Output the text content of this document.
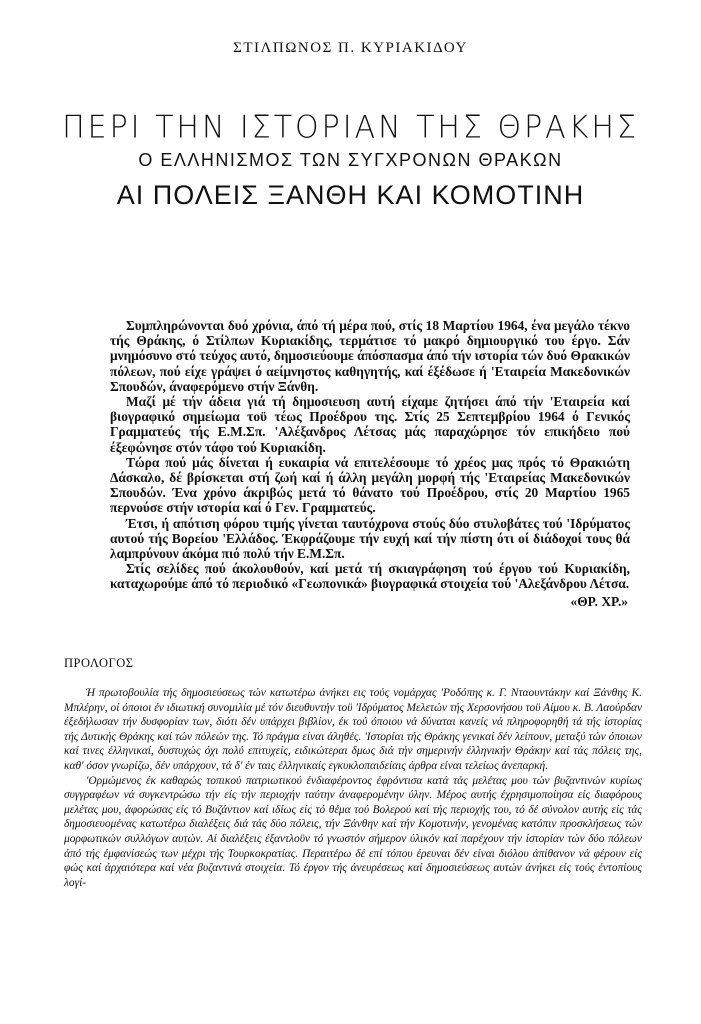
ΣΤΙΛΠΩΝΟΣ Π. ΚΥΡΙΑΚΙΔΟΥ
ΠΕΡΙ ΤΗΝ ΙΣΤΟΡΙΑΝ ΤΗΣ ΘΡΑΚΗΣ
Ο ΕΛΛΗΝΙΣΜΟΣ ΤΩΝ ΣΥΓΧΡΟΝΩΝ ΘΡΑΚΩΝ
ΑΙ ΠΟΛΕΙΣ ΞΑΝΘΗ ΚΑΙ ΚΟΜΟΤΙΝΗ

Συμπληρώνονται δυό χρόνια, άπό τή μέρα πού, στίς 18 Μαρτίου 1964, ένα μεγάλο τέκνο τής Θράκης, ό Στίλπων Κυριακίδης, τερμάτισε τό μακρό δημιουργικό του έργο. Σάν μνημόσυνο στό τεύχος αυτό, δημοσιεύουμε άπόσπασμα άπό τήν ιστορία τών δυό Θρακικών πόλεων, πού είχε γράψει ό αείμνηστος καθηγητής, καί έξέδωσε ή 'Εταιρεία Μακεδονικών Σπουδών, άναφερόμενο στήν Ξάνθη.

Μαζί μέ τήν άδεια γιά τή δημοσιευση αυτή είχαμε ζητήσει άπό τήν 'Εταιρεία καί βιογραφικό σημείωμα τοϋ τέως Προέδρου της. Στίς 25 Σεπτεμβρίου 1964 ό Γενικός Γραμματεύς τής Ε.Μ.Σπ. 'Αλέξανδρος Λέτσας μάς παραχώρησε τόν επικήδειο πού έξεφώνησε στόν τάφο τού Κυριακίδη.

Τώρα πού μάς δίνεται ή ευκαιρία νά επιτελέσουμε τό χρέος μας πρός τό Θρακιώτη Δάσκαλο, δέ βρίσκεται στή ζωή καί ή άλλη μεγάλη μορφή τής 'Εταιρείας Μακεδονικών Σπουδών. Ένα χρόνο άκριβώς μετά τό θάνατο τού Προέδρου, στίς 20 Μαρτίου 1965 περνούσε στήν ιστορία καί ό Γεν. Γραμματεύς.

Έτσι, ή απότιση φόρου τιμής γίνεται ταυτόχρονα στούς δύο στυλοβάτες τού 'Ιδρύματος αυτού τής Βορείου 'Ελλάδος. Έκφράζουμε τήν ευχή καί τήν πίστη ότι οί διάδοχοί τους θά λαμπρύνουν άκόμα πιό πολύ τήν Ε.Μ.Σπ.

Στίς σελίδες πού άκολουθούν, καί μετά τή σκιαγράφηση τού έργου τού Κυριακίδη, καταχωρούμε άπό τό περιοδικό «Γεωπονικά» βιογραφικά στοιχεία τού 'Αλεξάνδρου Λέτσα.

«ΘΡ. ΧΡ.»
ΠΡΟΛΟΓΟΣ

Ή πρωτοβουλία τής δημοσιεύσεως τών κατωτέρω άνήκει εις τούς νομάρχας 'Ροδόπης κ. Γ. Νταουντάκην καί Ξάνθης Κ. Μπλέρην, οί όποιοι έν ιδιωτική συνομιλία μέ τόν διευθυντήν τοϋ 'Ιδρύματος Μελετών τής Χερσονήσου τοϋ Αίμου κ. Β. Λαούρδαν έξεδήλωσαν τήν δυσφορίαν των, διότι δέν υπάρχει βιβλίον, έκ τού όποιου νά δύναται κανείς νά πληροφορηθή τά τής ίστορίας τής Δυτικής Θράκης καί τών πόλεών της. Τό πράγμα είναι άληθές. 'Ιστορίαι τής Θράκης γενικαί δέν λείπουν, μεταξύ τών όποιων καί τινες έλληνικαί, δυστυχώς όχι πολύ επιτυχείς, ειδικώτεραι δμως διά τήν σημερινήν έλληνικήν Θράκην καί τάς πόλεις της, καθ' όσον γνωρίζω, δέν υπάρχουν, τά δ' έν ταις έλληνικαίς εγκυκλοπαιδείαις άρθρα είναι τελείως άνεπαρκή.

'Ορμώμενος έκ καθαρώς τοπικού πατριωτικού ένδιαφέροντος έφρόντισα κατά τάς μελέτας μου τών βυζαντινών κυρίως συγγραφέων νά συγκεντρώσω τήν είς τήν περιοχήν ταύτην άναφερομένην ύλην. Μέρος αυτής έχρησιμοποίησα είς διαφόρους μελέτας μου, άφορώσας είς τό Βυζάντιον καί ιδίως είς τό θέμα τού Βολερού καί τής περιοχής του, τό δέ σύνολον αυτής είς τάς δημοσιευομένας κατωτέρω διαλέξεις διά τάς δύο πόλεις, τήν Ξάνθην καί τήν Κομοτινήν, γενομένας κατόπιν προσκλήσεως τών μορφωτικών συλλόγων αυτών. Αί διαλέξεις έξαντλοϋν τό γνωστόν σήμερον ύλικόν καί παρέχουν τήν ίστορίαν τών δύο πόλεων άπό τής έμφανίσεώς των μέχρι τής Τουρκοκρατίας. Περαιτέρω δέ επί τόπου έρευναι δέν είναι διόλου άπίθανον νά φέρουν είς φώς καί άρχαιότερα καί νέα βυζαντινά στοιχεία. Τό έργον τής άνευρέσεως καί δημοσιεύσεως αυτών άνήκει είς τούς έντοπίους λογί-
